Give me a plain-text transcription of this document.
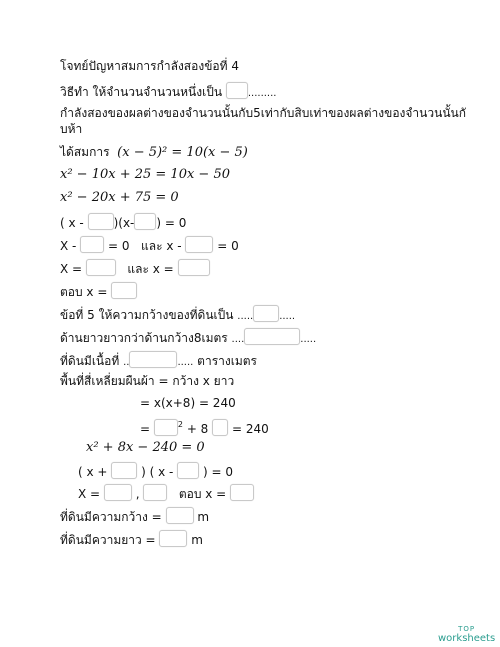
โจทย์ปัญหาสมการกำลังสองข้อที่ 4
วิธีทำ ให้จำนวนจำนวนหนึ่งเป็น	.........
กำลังสองของผลต่างของจำนวนนั้นกับ5เท่ากับสิบเท่าของผลต่างของจำนวนนั้นกั
บห้า
ได้สมการ (x − 5)² = 10(x − 5)
x² − 10x + 25 = 10x − 50
x² − 20x + 75 = 0
( x - )(x- ) = 0
X -	= 0 และ x -	= 0
X =	และ x =
ตอบ x =
ข้อที่ 5 ให้ความกว้างของที่ดินเป็น .....	.....
ด้านยาวยาวกว่าด้านกว้าง8เมตร ....	.....
ที่ดินมีเนื้อที่ ..	..... ตารางเมตร
พื้นที่สี่เหลี่ยมผืนผ้า = กว้าง x ยาว
= x(x+8) = 240
=	$^2$ + 8 = 240
x² + 8x − 240 = 0
( x +	) ( x - ) = 0
X =	,	ตอบ x =
ที่ดินมีความกว้าง =	m
ที่ดินมีความยาว =	m
TOP
worksheets
